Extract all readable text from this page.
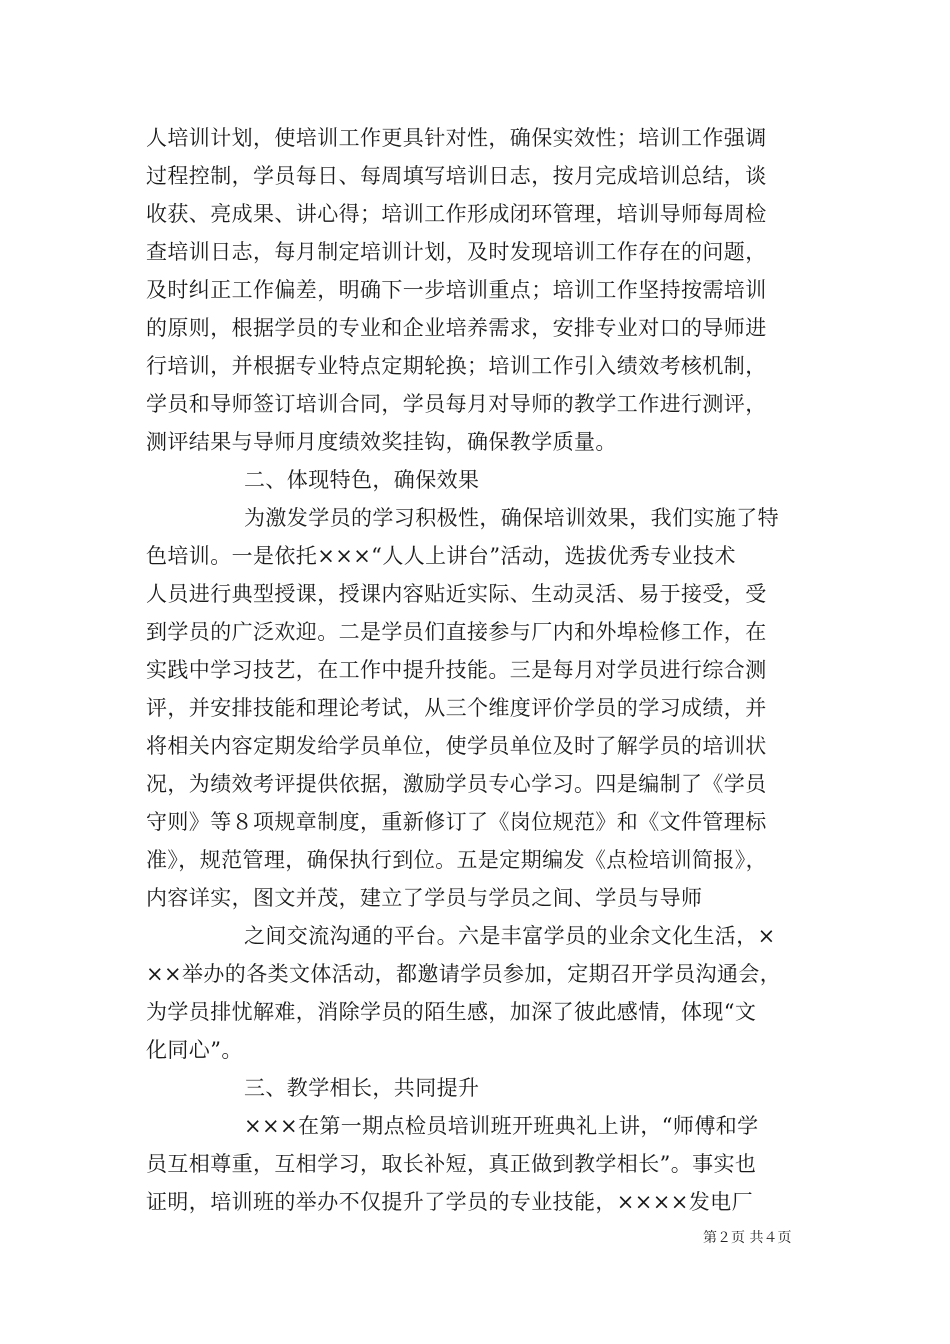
人培训计划，使培训工作更具针对性，确保实效性；培训工作强调
过程控制，学员每日、每周填写培训日志，按月完成培训总结，谈
收获、亮成果、讲心得；培训工作形成闭环管理，培训导师每周检
查培训日志，每月制定培训计划，及时发现培训工作存在的问题，
及时纠正工作偏差，明确下一步培训重点；培训工作坚持按需培训
的原则，根据学员的专业和企业培养需求，安排专业对口的导师进
行培训，并根据专业特点定期轮换；培训工作引入绩效考核机制，
学员和导师签订培训合同，学员每月对导师的教学工作进行测评，
测评结果与导师月度绩效奖挂钩，确保教学质量。
二、体现特色，确保效果
为激发学员的学习积极性，确保培训效果，我们实施了特
色培训。一是依托×××“人人上讲台”活动，选拔优秀专业技术
人员进行典型授课，授课内容贴近实际、生动灵活、易于接受，受
到学员的广泛欢迎。二是学员们直接参与厂内和外埠检修工作，在
实践中学习技艺，在工作中提升技能。三是每月对学员进行综合测
评，并安排技能和理论考试，从三个维度评价学员的学习成绩，并
将相关内容定期发给学员单位，使学员单位及时了解学员的培训状
况，为绩效考评提供依据，激励学员专心学习。四是编制了《学员
守则》等８项规章制度，重新修订了《岗位规范》和《文件管理标
准》，规范管理，确保执行到位。五是定期编发《点检培训简报》，
内容详实，图文并茂，建立了学员与学员之间、学员与导师
之间交流沟通的平台。六是丰富学员的业余文化生活，×
××举办的各类文体活动，都邀请学员参加，定期召开学员沟通会，
为学员排忧解难，消除学员的陌生感，加深了彼此感情，体现“文
化同心”。
三、教学相长，共同提升
×××在第一期点检员培训班开班典礼上讲，“师傅和学
员互相尊重，互相学习，取长补短，真正做到教学相长”。事实也
证明，培训班的举办不仅提升了学员的专业技能，××××发电厂
第２页 共４页
